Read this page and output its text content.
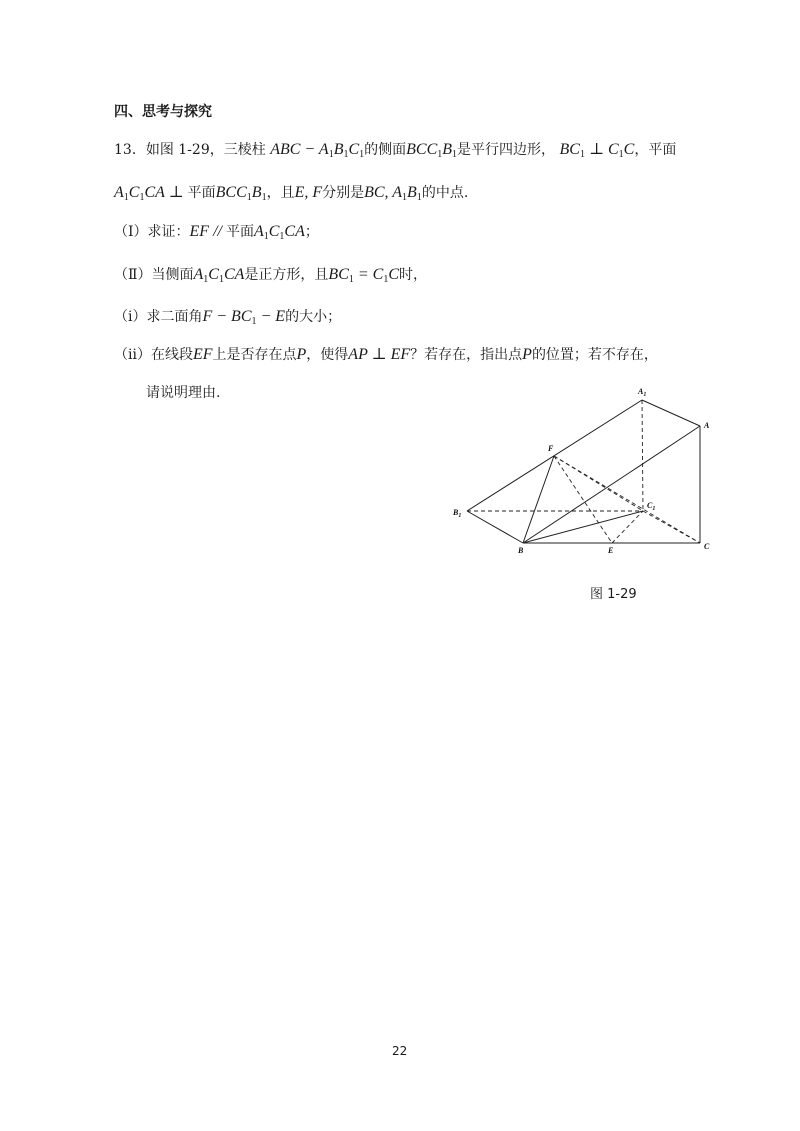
四、思考与探究
13．如图 1-29，三棱柱 ABC − $A_1B_1C_1$的侧面$BCC_1B_1$是平行四边形， $BC_1$ ⊥ $C_1C$，平面
$A_1C_1CA$ ⊥ 平面$BCC_1B_1$，且E, F分别是BC, $A_1B_1$的中点.
（Ⅰ）求证：EF // 平面$A_1C_1CA$；
（Ⅱ）当侧面$A_1C_1CA$是正方形，且$BC_1 = C_1C$时，
（ⅰ）求二面角$F - BC_1 - E$的大小；
（ⅱ）在线段EF上是否存在点P，使得AP ⊥ EF？若存在，指出点P的位置；若不存在，
请说明理由.	$A_1$
A
F
$C_1$
$B_1$
B	E	C
图 1-29
22
